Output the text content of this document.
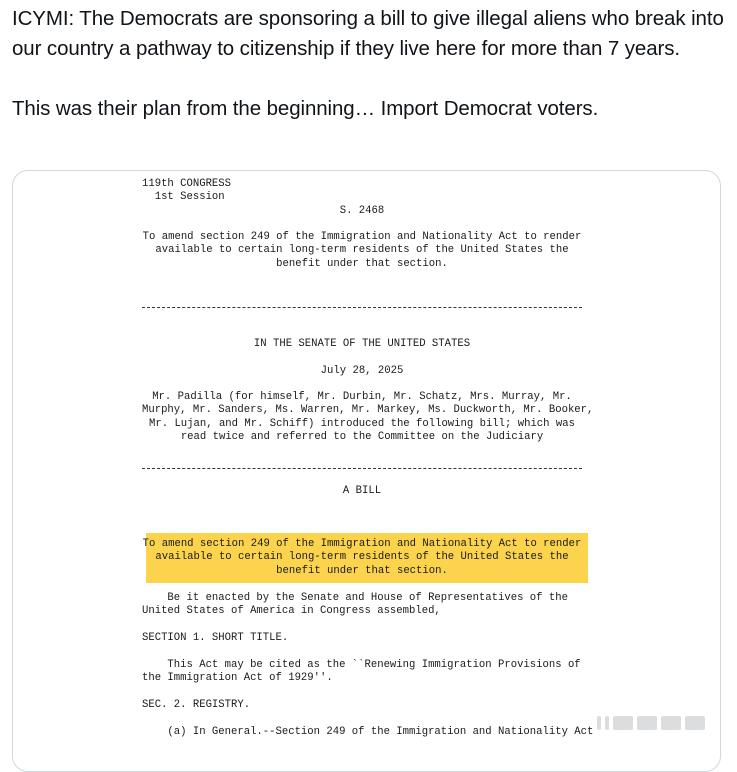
ICYMI: The Democrats are sponsoring a bill to give illegal aliens who break into our country a pathway to citizenship if they live here for more than 7 years.

This was their plan from the beginning… Import Democrat voters.

119th CONGRESS
1st Session
S. 2468
To amend section 249 of the Immigration and Nationality Act to render
available to certain long-term residents of the United States the
benefit under that section.
IN THE SENATE OF THE UNITED STATES
July 28, 2025
Mr. Padilla (for himself, Mr. Durbin, Mr. Schatz, Mrs. Murray, Mr.
Murphy, Mr. Sanders, Ms. Warren, Mr. Markey, Ms. Duckworth, Mr. Booker,
Mr. Lujan, and Mr. Schiff) introduced the following bill; which was
read twice and referred to the Committee on the Judiciary
A BILL
To amend section 249 of the Immigration and Nationality Act to render
available to certain long-term residents of the United States the
benefit under that section.
Be it enacted by the Senate and House of Representatives of the
United States of America in Congress assembled,
SECTION 1. SHORT TITLE.
This Act may be cited as the ``Renewing Immigration Provisions of
the Immigration Act of 1929''.
SEC. 2. REGISTRY.
(a) In General.--Section 249 of the Immigration and Nationality Act
